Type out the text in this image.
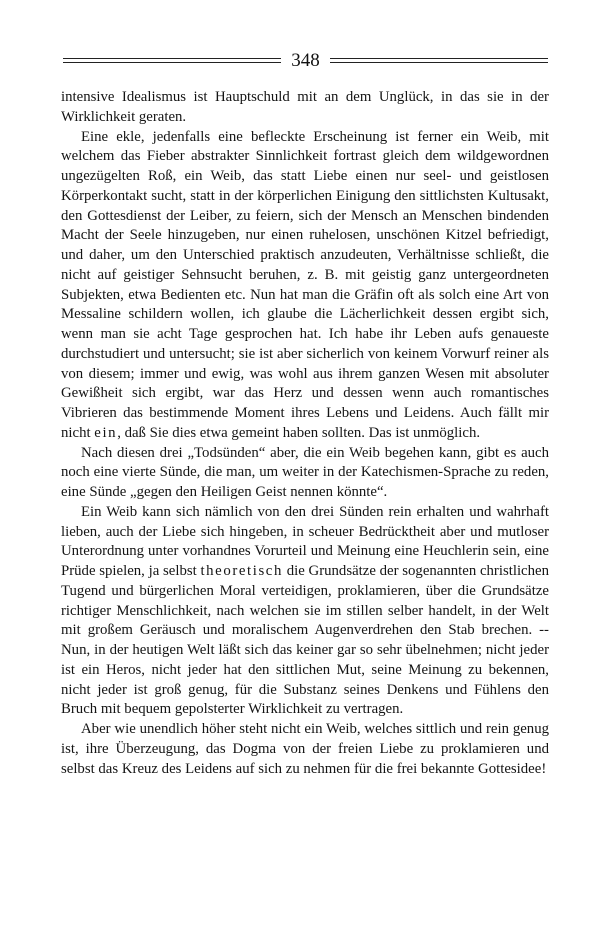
348

intensive Idealismus ist Hauptschuld mit an dem Unglück, in das sie in der Wirklichkeit geraten.

Eine ekle, jedenfalls eine befleckte Erscheinung ist ferner ein Weib, mit welchem das Fieber abstrakter Sinnlichkeit fortrast gleich dem wildgewordnen ungezügelten Roß, ein Weib, das statt Liebe einen nur seel- und geistlosen Körperkontakt sucht, statt in der körperlichen Einigung den sittlichsten Kultusakt, den Gottesdienst der Leiber, zu feiern, sich der Mensch an Menschen bindenden Macht der Seele hinzugeben, nur einen ruhelosen, unschönen Kitzel befriedigt, und daher, um den Unterschied praktisch anzudeuten, Verhältnisse schließt, die nicht auf geistiger Sehnsucht beruhen, z. B. mit geistig ganz untergeordneten Subjekten, etwa Bedienten etc. Nun hat man die Gräfin oft als solch eine Art von Messaline schildern wollen, ich glaube die Lächerlichkeit dessen ergibt sich, wenn man sie acht Tage gesprochen hat. Ich habe ihr Leben aufs genaueste durchstudiert und untersucht; sie ist aber sicherlich von keinem Vorwurf reiner als von diesem; immer und ewig, was wohl aus ihrem ganzen Wesen mit absoluter Gewißheit sich ergibt, war das Herz und dessen wenn auch romantisches Vibrieren das bestimmende Moment ihres Lebens und Leidens. Auch fällt mir nicht ein, daß Sie dies etwa gemeint haben sollten. Das ist unmöglich.

Nach diesen drei „Todsünden“ aber, die ein Weib begehen kann, gibt es auch noch eine vierte Sünde, die man, um weiter in der Katechismen-Sprache zu reden, eine Sünde „gegen den Heiligen Geist nennen könnte“.

Ein Weib kann sich nämlich von den drei Sünden rein erhalten und wahrhaft lieben, auch der Liebe sich hingeben, in scheuer Bedrücktheit aber und mutloser Unterordnung unter vorhandnes Vorurteil und Meinung eine Heuchlerin sein, eine Prüde spielen, ja selbst theoretisch die Grundsätze der sogenannten christlichen Tugend und bürgerlichen Moral verteidigen, proklamieren, über die Grundsätze richtiger Menschlichkeit, nach welchen sie im stillen selber handelt, in der Welt mit großem Geräusch und moralischem Augenverdrehen den Stab brechen. -- Nun, in der heutigen Welt läßt sich das keiner gar so sehr übelnehmen; nicht jeder ist ein Heros, nicht jeder hat den sittlichen Mut, seine Meinung zu bekennen, nicht jeder ist groß genug, für die Substanz seines Denkens und Fühlens den Bruch mit bequem gepolsterter Wirklichkeit zu vertragen.

Aber wie unendlich höher steht nicht ein Weib, welches sittlich und rein genug ist, ihre Überzeugung, das Dogma von der freien Liebe zu proklamieren und selbst das Kreuz des Leidens auf sich zu nehmen für die frei bekannte Gottesidee!
